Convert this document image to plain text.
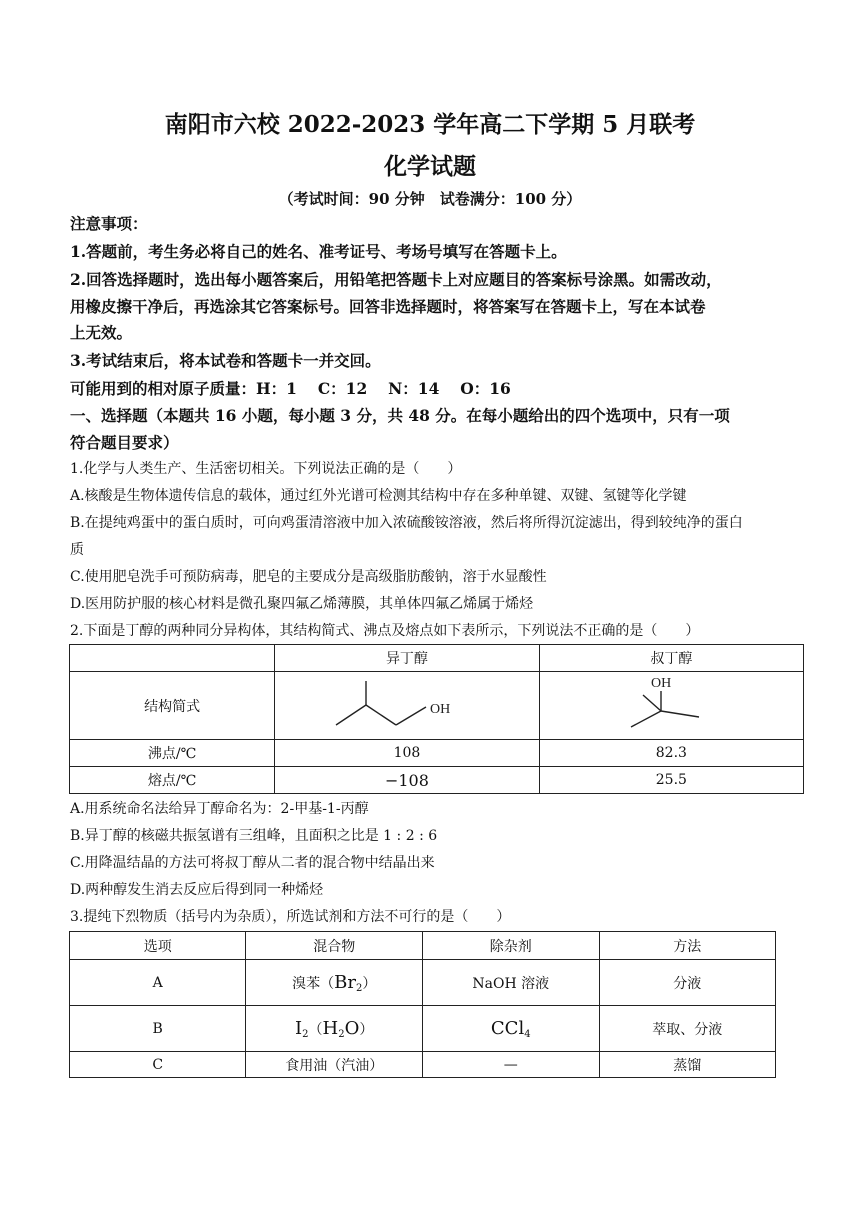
南阳市六校 2022-2023 学年高二下学期 5 月联考
化学试题
（考试时间：90 分钟　试卷满分：100 分）
注意事项：
1.答题前，考生务必将自己的姓名、准考证号、考场号填写在答题卡上。
2.回答选择题时，选出每小题答案后，用铅笔把答题卡上对应题目的答案标号涂黑。如需改动，
用橡皮擦干净后，再选涂其它答案标号。回答非选择题时，将答案写在答题卡上，写在本试卷
上无效。
3.考试结束后，将本试卷和答题卡一并交回。
可能用到的相对原子质量：H：1　 C：12　 N：14　 O：16
一、选择题（本题共 16 小题，每小题 3 分，共 48 分。在每小题给出的四个选项中，只有一项
符合题目要求）
1.化学与人类生产、生活密切相关。下列说法正确的是（　　）
A.核酸是生物体遗传信息的载体，通过红外光谱可检测其结构中存在多种单键、双键、氢键等化学键
B.在提纯鸡蛋中的蛋白质时，可向鸡蛋清溶液中加入浓硫酸铵溶液，然后将所得沉淀滤出，得到较纯净的蛋白
质
C.使用肥皂洗手可预防病毒，肥皂的主要成分是高级脂肪酸钠，溶于水显酸性
D.医用防护服的核心材料是微孔聚四氟乙烯薄膜，其单体四氟乙烯属于烯烃
2.下面是丁醇的两种同分异构体，其结构简式、沸点及熔点如下表所示，下列说法不正确的是（　　）
	异丁醇	叔丁醇
结构简式	OH	OH

沸点/℃	108	82.3
熔点/℃	−108	25.5
A.用系统命名法给异丁醇命名为：2-甲基-1-丙醇
B.异丁醇的核磁共振氢谱有三组峰，且面积之比是 1 : 2 : 6
C.用降温结晶的方法可将叔丁醇从二者的混合物中结晶出来
D.两种醇发生消去反应后得到同一种烯烃
3.提纯下烈物质（括号内为杂质），所选试剂和方法不可行的是（　　）
选项	混合物	除杂剂	方法
A	溴苯$(Br_2)$	NaOH 溶液	分液
B	$I_2(H_2O)$	CCl$_4$	萃取、分液
C	食用油（汽油）	—	蒸馏
